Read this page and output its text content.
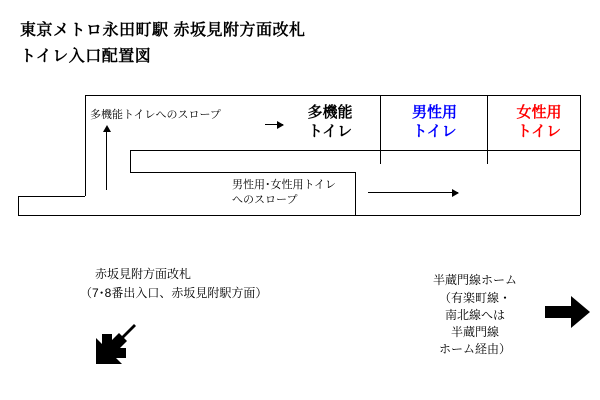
東京メトロ永田町駅 赤坂見附方面改札
トイレ入口配置図
多機能
トイレ
男性用
トイレ
女性用
トイレ
多機能トイレへのスロープ
男性用･女性用トイレ
へのスロープ
赤坂見附方面改札
（7･8番出入口、赤坂見附駅方面）
半蔵門線ホーム
（有楽町線・
南北線へは
半蔵門線
ホーム経由）
